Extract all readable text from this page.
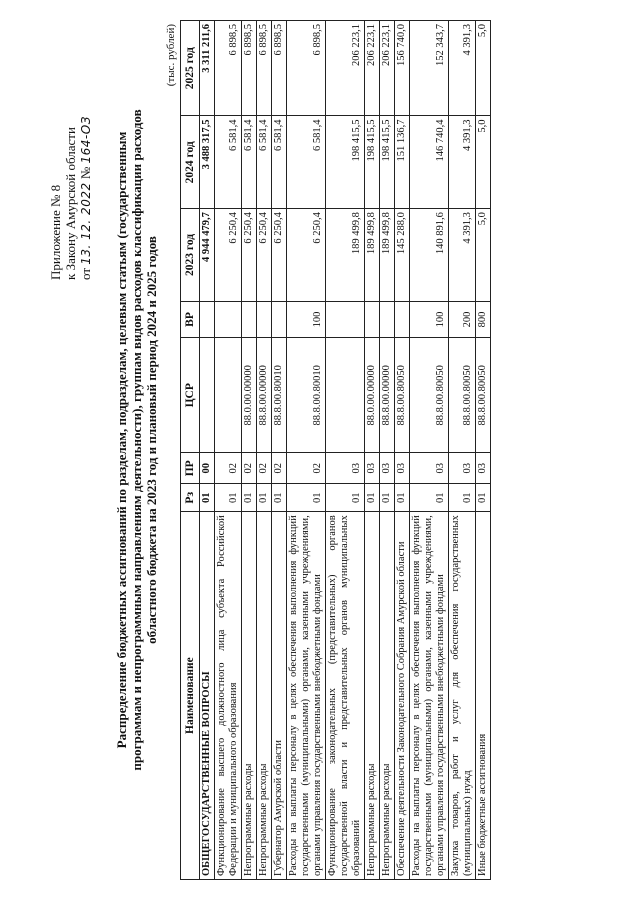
Приложение № 8 к Закону Амурской области от 13. 12. 2022 № 164-ОЗ Распределение бюджетных ассигнований по разделам, подразделам, целевым статьям (государственным программам и непрограммным направлениям деятельности), группам видов расходов классификации расходов областного бюджета на 2023 год и плановый период 2024 и 2025 годов
(тыс. рублей)
Наименование	Рз	ПР	ЦСР	ВР	2023 год	2024 год	2025 год
ОБЩЕГОСУДАРСТВЕННЫЕ ВОПРОСЫ	01	00			4 944 479,7	3 488 317,5	3 311 211,6
Функционирование высшего должностного лица субъекта Российской Федерации и муниципального образования	01	02			6 250,4	6 581,4	6 898,5
Непрограммные расходы	01	02	88.0.00.00000		6 250,4	6 581,4	6 898,5
Непрограммные расходы	01	02	88.8.00.00000		6 250,4	6 581,4	6 898,5
Губернатор Амурской области	01	02	88.8.00.80010		6 250,4	6 581,4	6 898,5
Расходы на выплаты персоналу в целях обеспечения выполнения функций государственными (муниципальными) органами, казенными учреждениями, органами управления государственными внебюджетными фондами	01	02	88.8.00.80010	100	6 250,4	6 581,4	6 898,5
Функционирование законодательных (представительных) органов государственной власти и представительных органов муниципальных образований	01	03			189 499,8	198 415,5	206 223,1
Непрограммные расходы	01	03	88.0.00.00000		189 499,8	198 415,5	206 223,1
Непрограммные расходы	01	03	88.8.00.00000		189 499,8	198 415,5	206 223,1
Обеспечение деятельности Законодательного Собрания Амурской области	01	03	88.8.00.80050		145 288,0	151 136,7	156 740,0
Расходы на выплаты персоналу в целях обеспечения выполнения функций государственными (муниципальными) органами, казенными учреждениями, органами управления государственными внебюджетными фондами	01	03	88.8.00.80050	100	140 891,6	146 740,4	152 343,7
Закупка товаров, работ и услуг для обеспечения государственных (муниципальных) нужд	01	03	88.8.00.80050	200	4 391,3	4 391,3	4 391,3
Иные бюджетные ассигнования	01	03	88.8.00.80050	800	5,0	5,0	5,0
